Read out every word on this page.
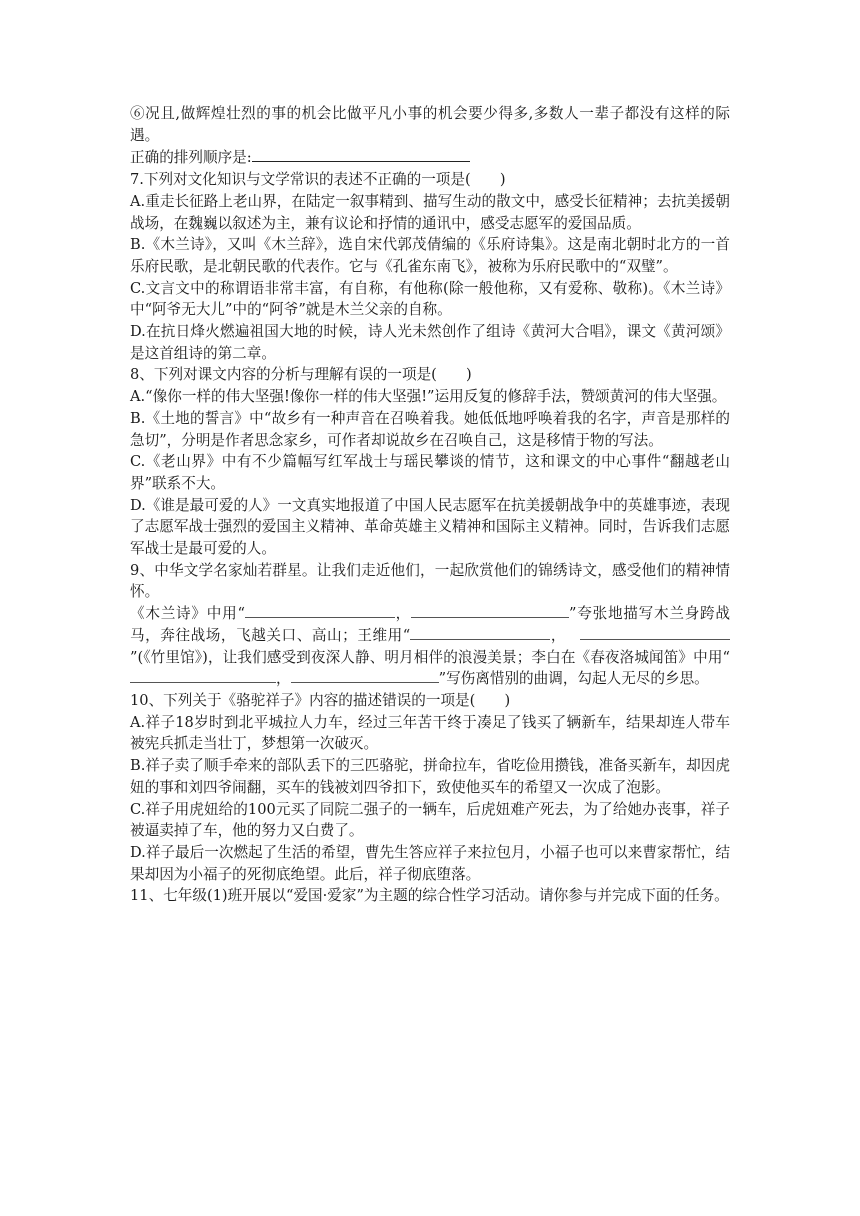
⑥况且,做辉煌壮烈的事的机会比做平凡小事的机会要少得多,多数人一辈子都没有这样的际遇。

正确的排列顺序是:

7.下列对文化知识与文学常识的表述不正确的一项是(　　)

A.重走长征路上老山界，在陆定一叙事精到、描写生动的散文中，感受长征精神；去抗美援朝战场，在魏巍以叙述为主，兼有议论和抒情的通讯中，感受志愿军的爱国品质。

B.《木兰诗》，又叫《木兰辞》，选自宋代郭茂倩编的《乐府诗集》。这是南北朝时北方的一首乐府民歌，是北朝民歌的代表作。它与《孔雀东南飞》，被称为乐府民歌中的“双璧”。

C.文言文中的称谓语非常丰富，有自称，有他称(除一般他称，又有爱称、敬称)。《木兰诗》中“阿爷无大儿”中的“阿爷”就是木兰父亲的自称。

D.在抗日烽火燃遍祖国大地的时候，诗人光未然创作了组诗《黄河大合唱》，课文《黄河颂》是这首组诗的第二章。

8、下列对课文内容的分析与理解有误的一项是(　　)

A.“像你一样的伟大坚强!像你一样的伟大坚强!”运用反复的修辞手法，赞颂黄河的伟大坚强。

B.《土地的誓言》中“故乡有一种声音在召唤着我。她低低地呼唤着我的名字，声音是那样的急切”，分明是作者思念家乡，可作者却说故乡在召唤自己，这是移情于物的写法。

C.《老山界》中有不少篇幅写红军战士与瑶民攀谈的情节，这和课文的中心事件“翻越老山界”联系不大。

D.《谁是最可爱的人》一文真实地报道了中国人民志愿军在抗美援朝战争中的英雄事迹，表现了志愿军战士强烈的爱国主义精神、革命英雄主义精神和国际主义精神。同时，告诉我们志愿军战士是最可爱的人。

9、中华文学名家灿若群星。让我们走近他们，一起欣赏他们的锦绣诗文，感受他们的精神情怀。

《木兰诗》中用“	，	”夸张地描写木兰身跨战马，奔往战场，飞越关口、高山；王维用“	，”(《竹里馆》)，让我们感受到夜深人静、明月相伴的浪漫美景；李白在《春夜洛城闻笛》中用“，	”写伤离惜别的曲调，勾起人无尽的乡思。

10、下列关于《骆驼祥子》内容的描述错误的一项是(　　)

A.祥子18岁时到北平城拉人力车，经过三年苦干终于凑足了钱买了辆新车，结果却连人带车被宪兵抓走当壮丁，梦想第一次破灭。

B.祥子卖了顺手牵来的部队丢下的三匹骆驼，拼命拉车，省吃俭用攒钱，准备买新车，却因虎妞的事和刘四爷闹翻，买车的钱被刘四爷扣下，致使他买车的希望又一次成了泡影。

C.祥子用虎妞给的100元买了同院二强子的一辆车，后虎妞难产死去，为了给她办丧事，祥子被逼卖掉了车，他的努力又白费了。

D.祥子最后一次燃起了生活的希望，曹先生答应祥子来拉包月，小福子也可以来曹家帮忙，结果却因为小福子的死彻底绝望。此后，祥子彻底堕落。

11、七年级(1)班开展以“爱国·爱家”为主题的综合性学习活动。请你参与并完成下面的任务。
